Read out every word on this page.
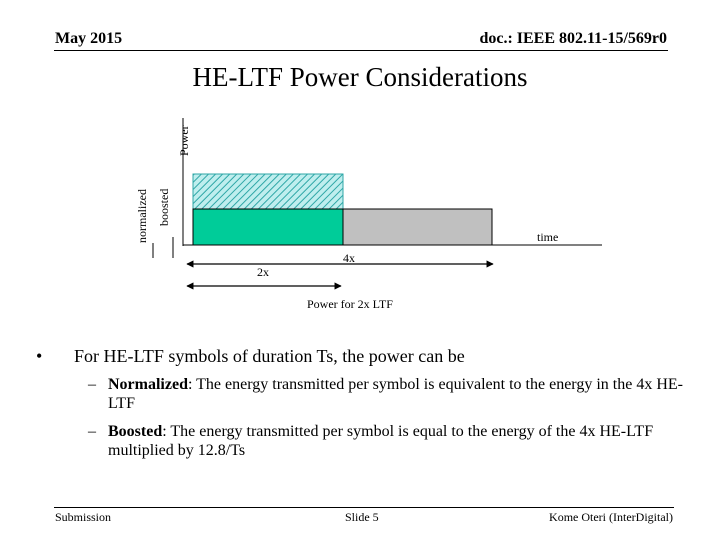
May 2015	doc.: IEEE 802.11-15/569r0
HE-LTF Power Considerations
Power
normalized boosted
time
4x
2x
Power for 2x LTF
• For HE-LTF symbols of duration Ts, the power can be
– Normalized: The energy transmitted per symbol is equivalent to the energy in the 4x HE-LTF
– Boosted: The energy transmitted per symbol is equal to the energy of the 4x HE-LTF multiplied by 12.8/Ts
Submission	Slide 5	Kome Oteri (InterDigital)
